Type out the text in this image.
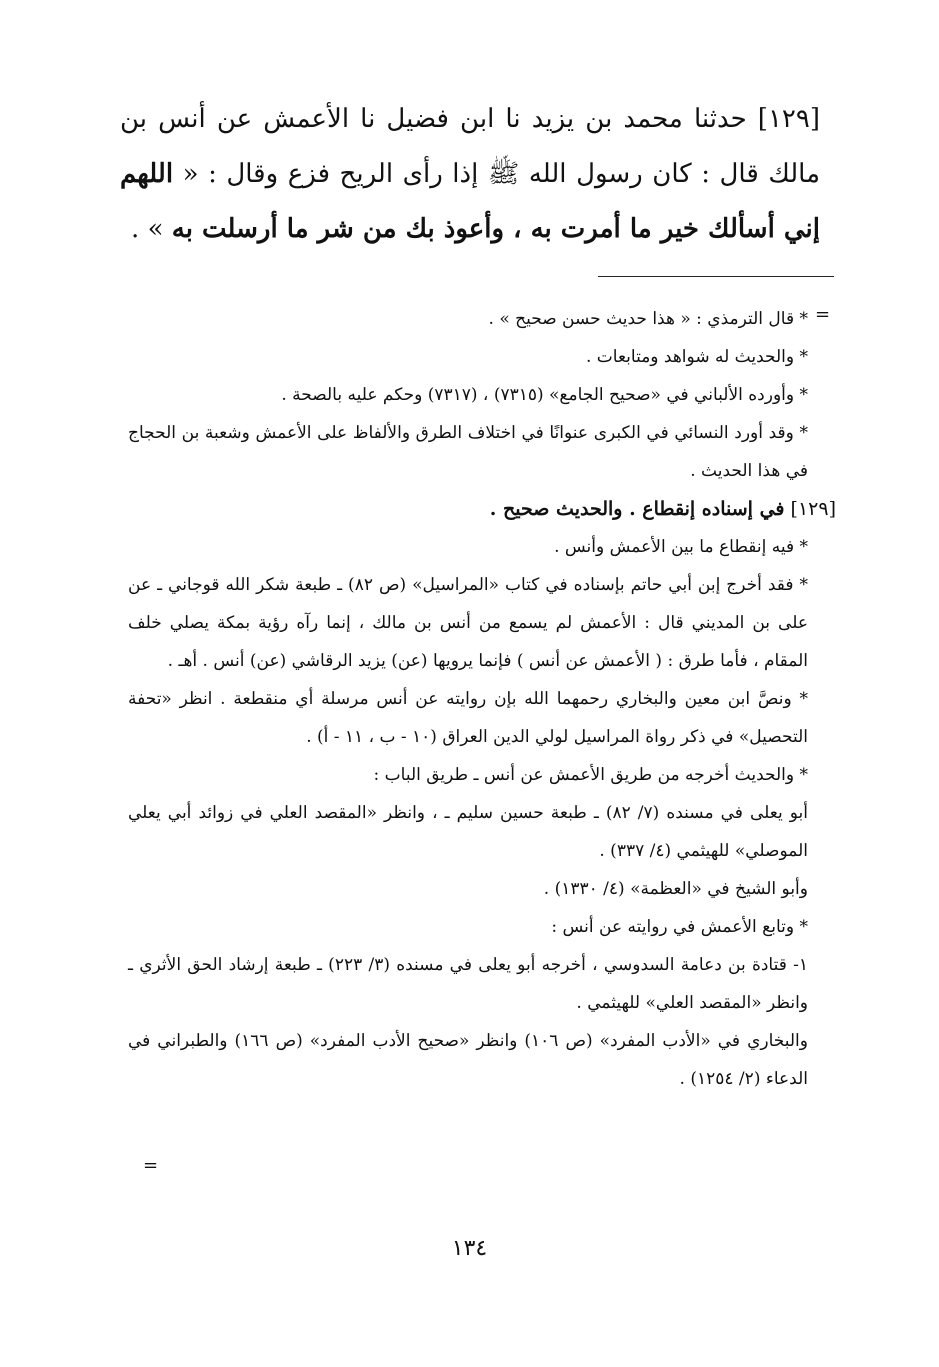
[١٢٩] حدثنا محمد بن يزيد نا ابن فضيل نا الأعمش عن أنس بن مالك قال : كان رسول الله ﷺ إذا رأى الريح فزع وقال : « اللهم إني أسألك خير ما أمرت به ، وأعوذ بك من شر ما أرسلت به » .
=

* قال الترمذي : « هذا حديث حسن صحيح » .

* والحديث له شواهد ومتابعات .

* وأورده الألباني في «صحيح الجامع» (٧٣١٥) ، (٧٣١٧) وحكم عليه بالصحة .

* وقد أورد النسائي في الكبرى عنوانًا في اختلاف الطرق والألفاظ على الأعمش وشعبة بن الحجاج في هذا الحديث .

[١٢٩] في إسناده إنقطاع . والحديث صحيح .

* فيه إنقطاع ما بين الأعمش وأنس .

* فقد أخرج إبن أبي حاتم بإسناده في كتاب «المراسيل» (ص ٨٢) ـ طبعة شكر الله قوجاني ـ عن على بن المديني قال : الأعمش لم يسمع من أنس بن مالك ، إنما رآه رؤية بمكة يصلي خلف المقام ، فأما طرق : ( الأعمش عن أنس ) فإنما يرويها (عن) يزيد الرقاشي (عن) أنس . أهـ .

* ونصَّ ابن معين والبخاري رحمهما الله بإن روايته عن أنس مرسلة أي منقطعة . انظر «تحفة التحصيل» في ذكر رواة المراسيل لولي الدين العراق (١٠ - ب ، ١١ - أ) .

* والحديث أخرجه من طريق الأعمش عن أنس ـ طريق الباب :

أبو يعلى في مسنده (٧/ ٨٢) ـ طبعة حسين سليم ـ ، وانظر «المقصد العلي في زوائد أبي يعلي الموصلي» للهيثمي (٤/ ٣٣٧) .

وأبو الشيخ في «العظمة» (٤/ ١٣٣٠) .

* وتابع الأعمش في روايته عن أنس :

١- قتادة بن دعامة السدوسي ، أخرجه أبو يعلى في مسنده (٣/ ٢٢٣) ـ طبعة إرشاد الحق الأثري ـ وانظر «المقصد العلي» للهيثمي .

والبخاري في «الأدب المفرد» (ص ١٠٦) وانظر «صحيح الأدب المفرد» (ص ١٦٦) والطبراني في الدعاء (٢/ ١٢٥٤) .

=
١٣٤
